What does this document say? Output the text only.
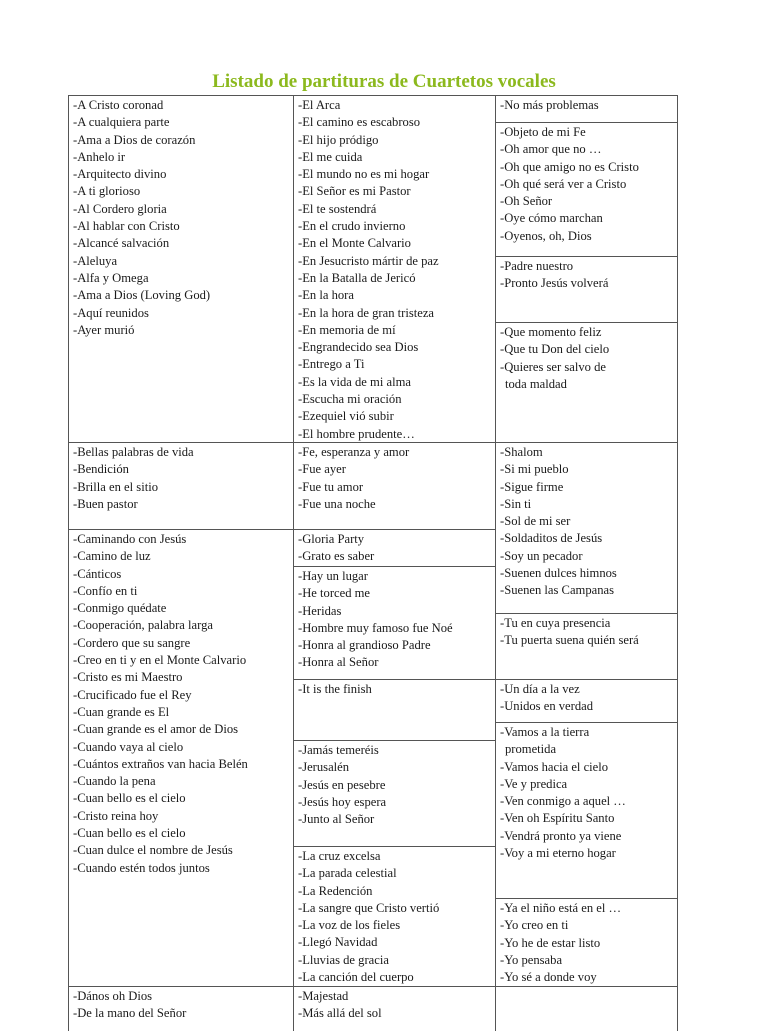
Listado de partituras de Cuartetos vocales
-A Cristo coronad
-A cualquiera parte
-Ama a Dios de corazón
-Anhelo ir
-Arquitecto divino
-A ti glorioso
-Al Cordero gloria
-Al hablar con Cristo
-Alcancé salvación
-Aleluya
-Alfa y Omega
-Ama a Dios (Loving God)
-Aquí reunidos
-Ayer murió
-Bellas palabras de vida
-Bendición
-Brilla en el sitio
-Buen pastor
-Caminando con Jesús
-Camino de luz
-Cánticos
-Confío en ti
-Conmigo quédate
-Cooperación, palabra larga
-Cordero que su sangre
-Creo en ti y en el Monte Calvario
-Cristo es mi Maestro
-Crucificado fue el Rey
-Cuan grande es El
-Cuan grande es el amor de Dios
-Cuando vaya al cielo
-Cuántos extraños van hacia Belén
-Cuando la pena
-Cuan bello es el cielo
-Cristo reina hoy
-Cuan bello es el cielo
-Cuan dulce el nombre de Jesús
-Cuando estén todos juntos
-Dános oh Dios
-De la mano del Señor
-El Arca
-El camino es escabroso
-El hijo pródigo
-El me cuida
-El mundo no es mi hogar
-El Señor es mi Pastor
-El te sostendrá
-En el crudo invierno
-En el Monte Calvario
-En Jesucristo mártir de paz
-En la Batalla de Jericó
-En la hora
-En la hora de gran tristeza
-En memoria de mí
-Engrandecido sea Dios
-Entrego a Ti
-Es la vida de mi alma
-Escucha mi oración
-Ezequiel vió subir
-El hombre prudente…
-Fe, esperanza y amor
-Fue ayer
-Fue tu amor
-Fue una noche
-Gloria Party
-Grato es saber
-Hay un lugar
-He torced me
-Heridas
-Hombre muy famoso fue Noé
-Honra al grandioso Padre
-Honra al Señor
-It is the finish
-Jamás temeréis
-Jerusalén
-Jesús en pesebre
-Jesús hoy espera
-Junto al Señor
-La cruz excelsa
-La parada celestial
-La Redención
-La sangre que Cristo vertió
-La voz de los fieles
-Llegó Navidad
-Lluvias de gracia
-La canción del cuerpo
-Majestad
-Más allá del sol
-No más problemas
-Objeto de mi Fe
-Oh amor que no …
-Oh que amigo no es Cristo
-Oh qué será ver a Cristo
-Oh Señor
-Oye cómo marchan
-Oyenos, oh, Dios
-Padre nuestro
-Pronto Jesús volverá
-Que momento feliz
-Que tu Don del cielo
-Quieres ser salvo de
toda maldad
-Shalom
-Si mi pueblo
-Sigue firme
-Sin ti
-Sol de mi ser
-Soldaditos de Jesús
-Soy un pecador
-Suenen dulces himnos
-Suenen las Campanas
-Tu en cuya presencia
-Tu puerta suena quién será
-Un día a la vez
-Unidos en verdad
-Vamos a la tierra
prometida
-Vamos hacia el cielo
-Ve y predica
-Ven conmigo a aquel …
-Ven oh Espíritu Santo
-Vendrá pronto ya viene
-Voy a mi eterno hogar
-Ya el niño está en el …
-Yo creo en ti
-Yo he de estar listo
-Yo pensaba
-Yo sé a donde voy
